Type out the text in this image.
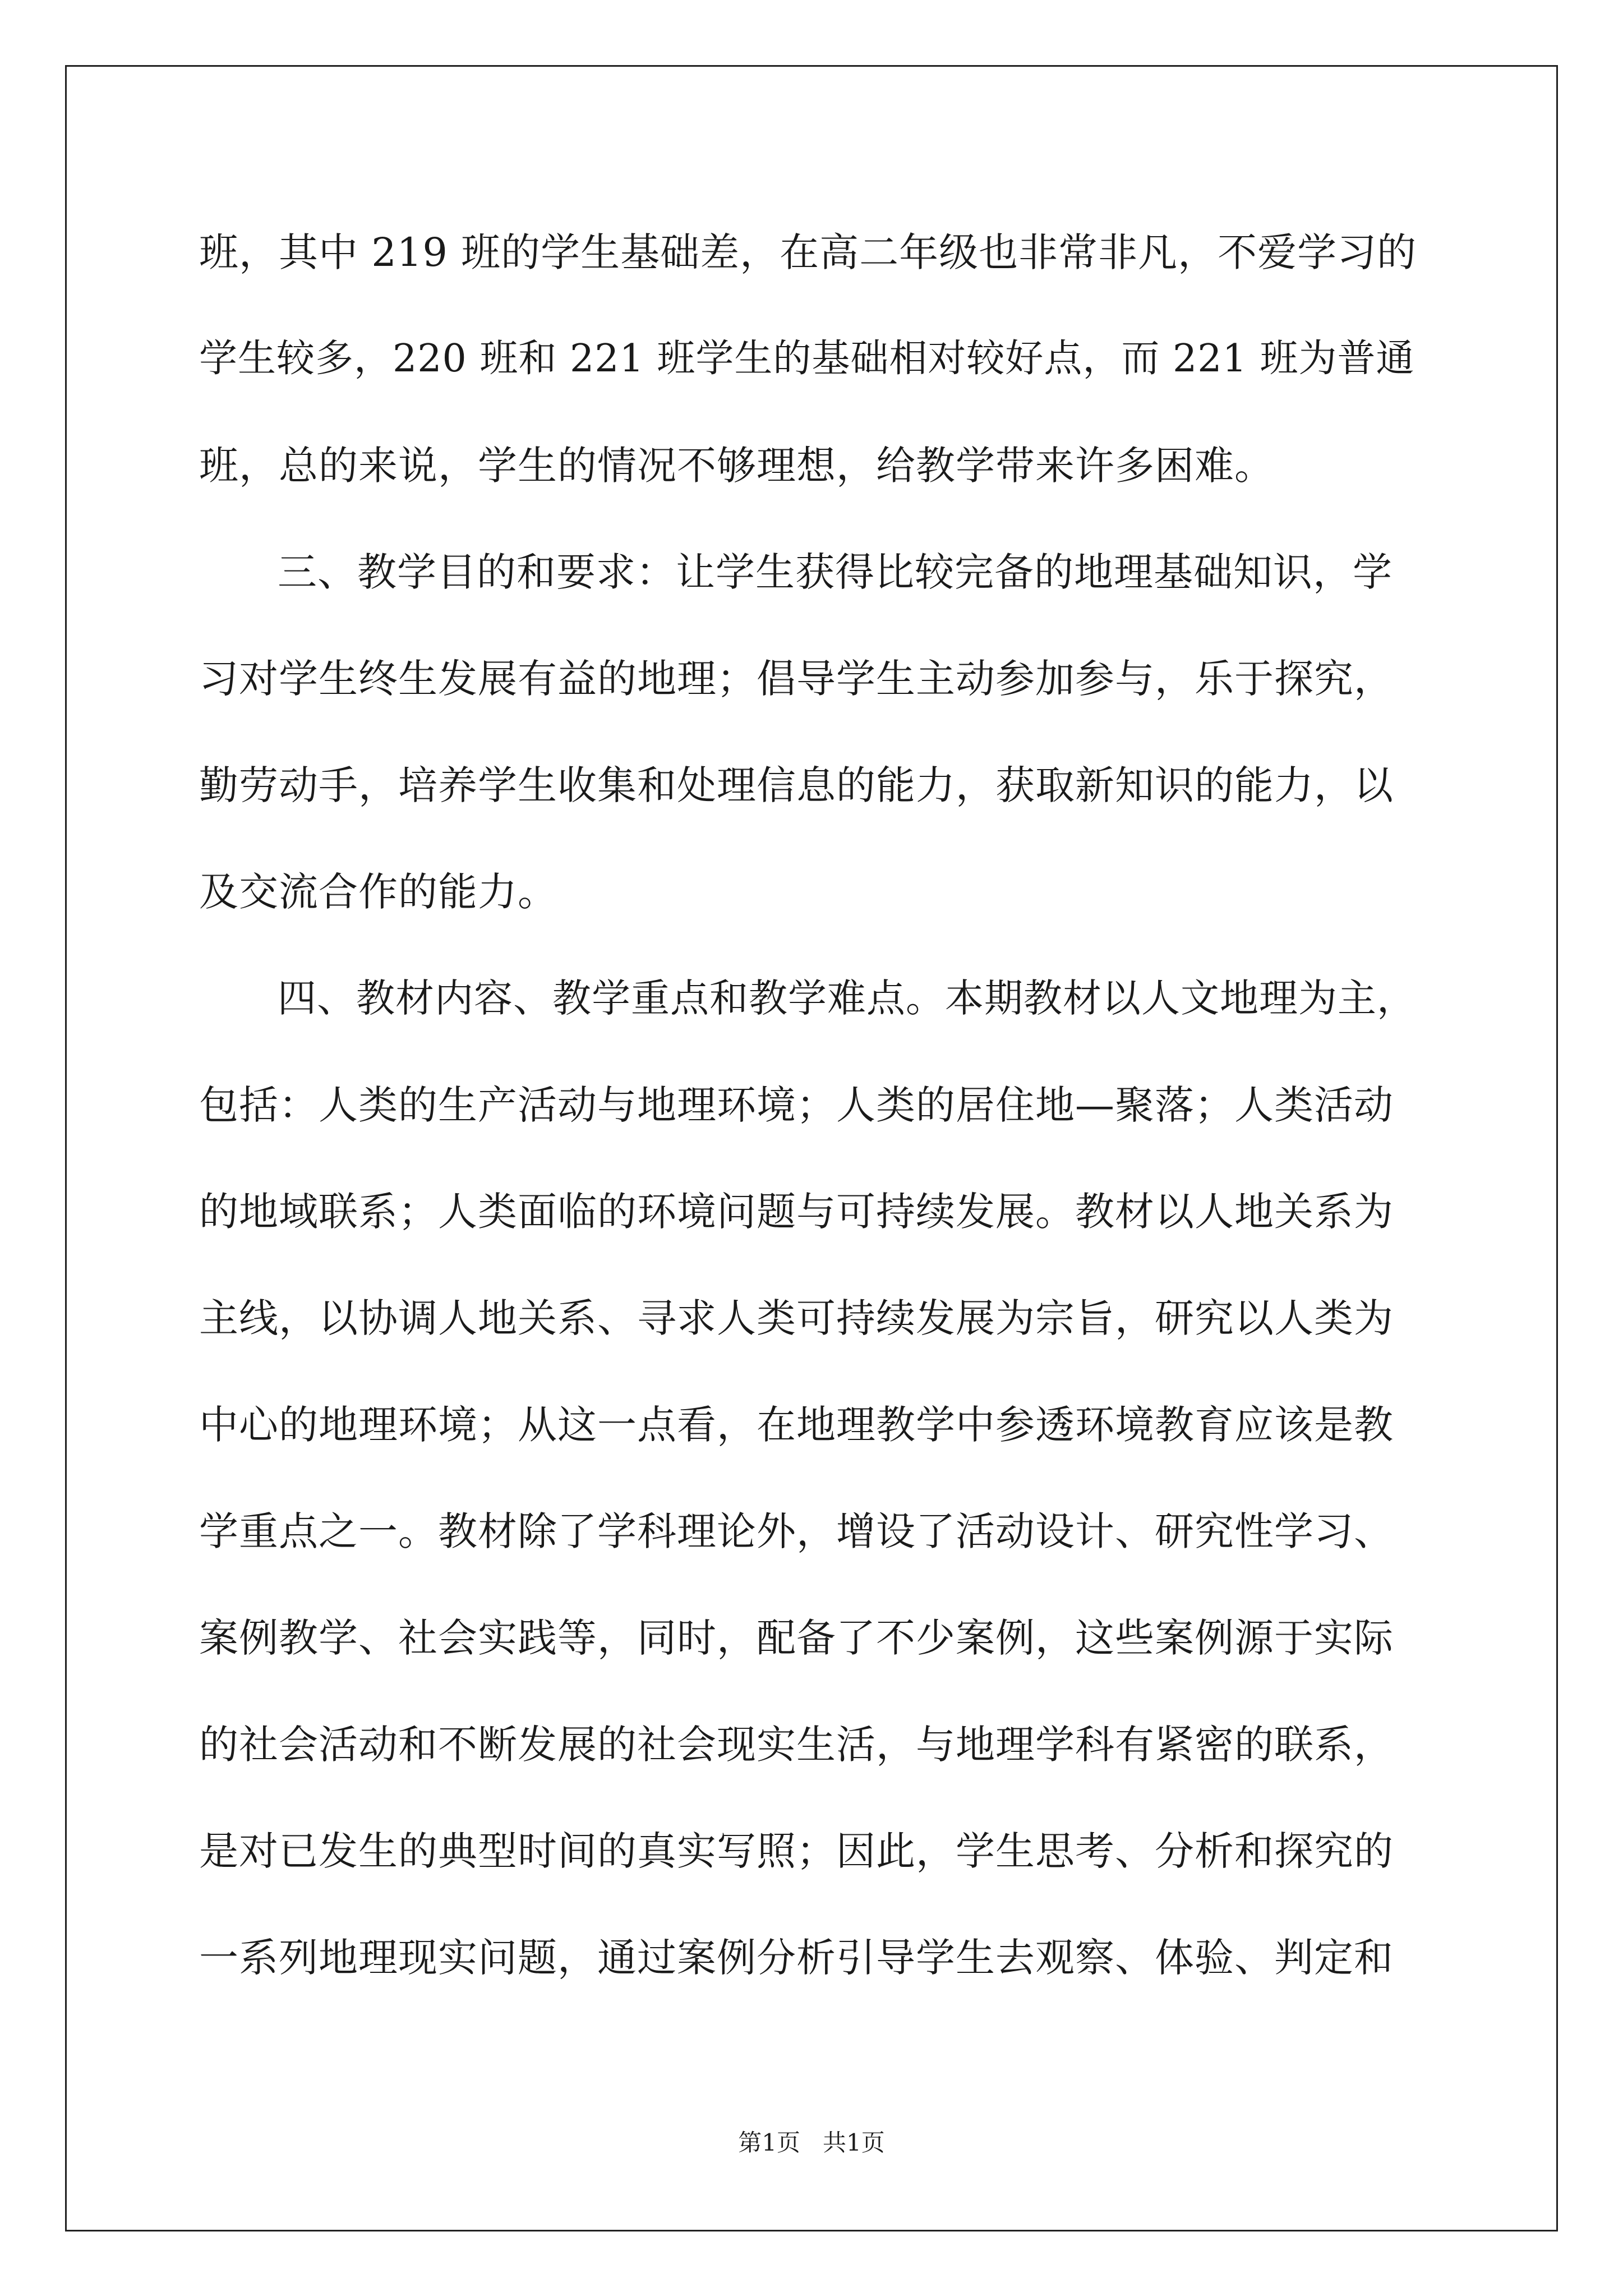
班，其中 219 班的学生基础差，在高二年级也非常非凡，不爱学习的
学生较多，220 班和 221 班学生的基础相对较好点，而 221 班为普通
班，总的来说，学生的情况不够理想，给教学带来许多困难。
三、教学目的和要求：让学生获得比较完备的地理基础知识，学
习对学生终生发展有益的地理；倡导学生主动参加参与，乐于探究，
勤劳动手，培养学生收集和处理信息的能力，获取新知识的能力，以
及交流合作的能力。
四、教材内容、教学重点和教学难点。本期教材以人文地理为主，
包括：人类的生产活动与地理环境；人类的居住地—聚落；人类活动
的地域联系；人类面临的环境问题与可持续发展。教材以人地关系为
主线，以协调人地关系、寻求人类可持续发展为宗旨，研究以人类为
中心的地理环境；从这一点看，在地理教学中参透环境教育应该是教
学重点之一。教材除了学科理论外，增设了活动设计、研究性学习、
案例教学、社会实践等，同时，配备了不少案例，这些案例源于实际
的社会活动和不断发展的社会现实生活，与地理学科有紧密的联系，
是对已发生的典型时间的真实写照；因此，学生思考、分析和探究的
一系列地理现实问题，通过案例分析引导学生去观察、体验、判定和
第1页   共1页
